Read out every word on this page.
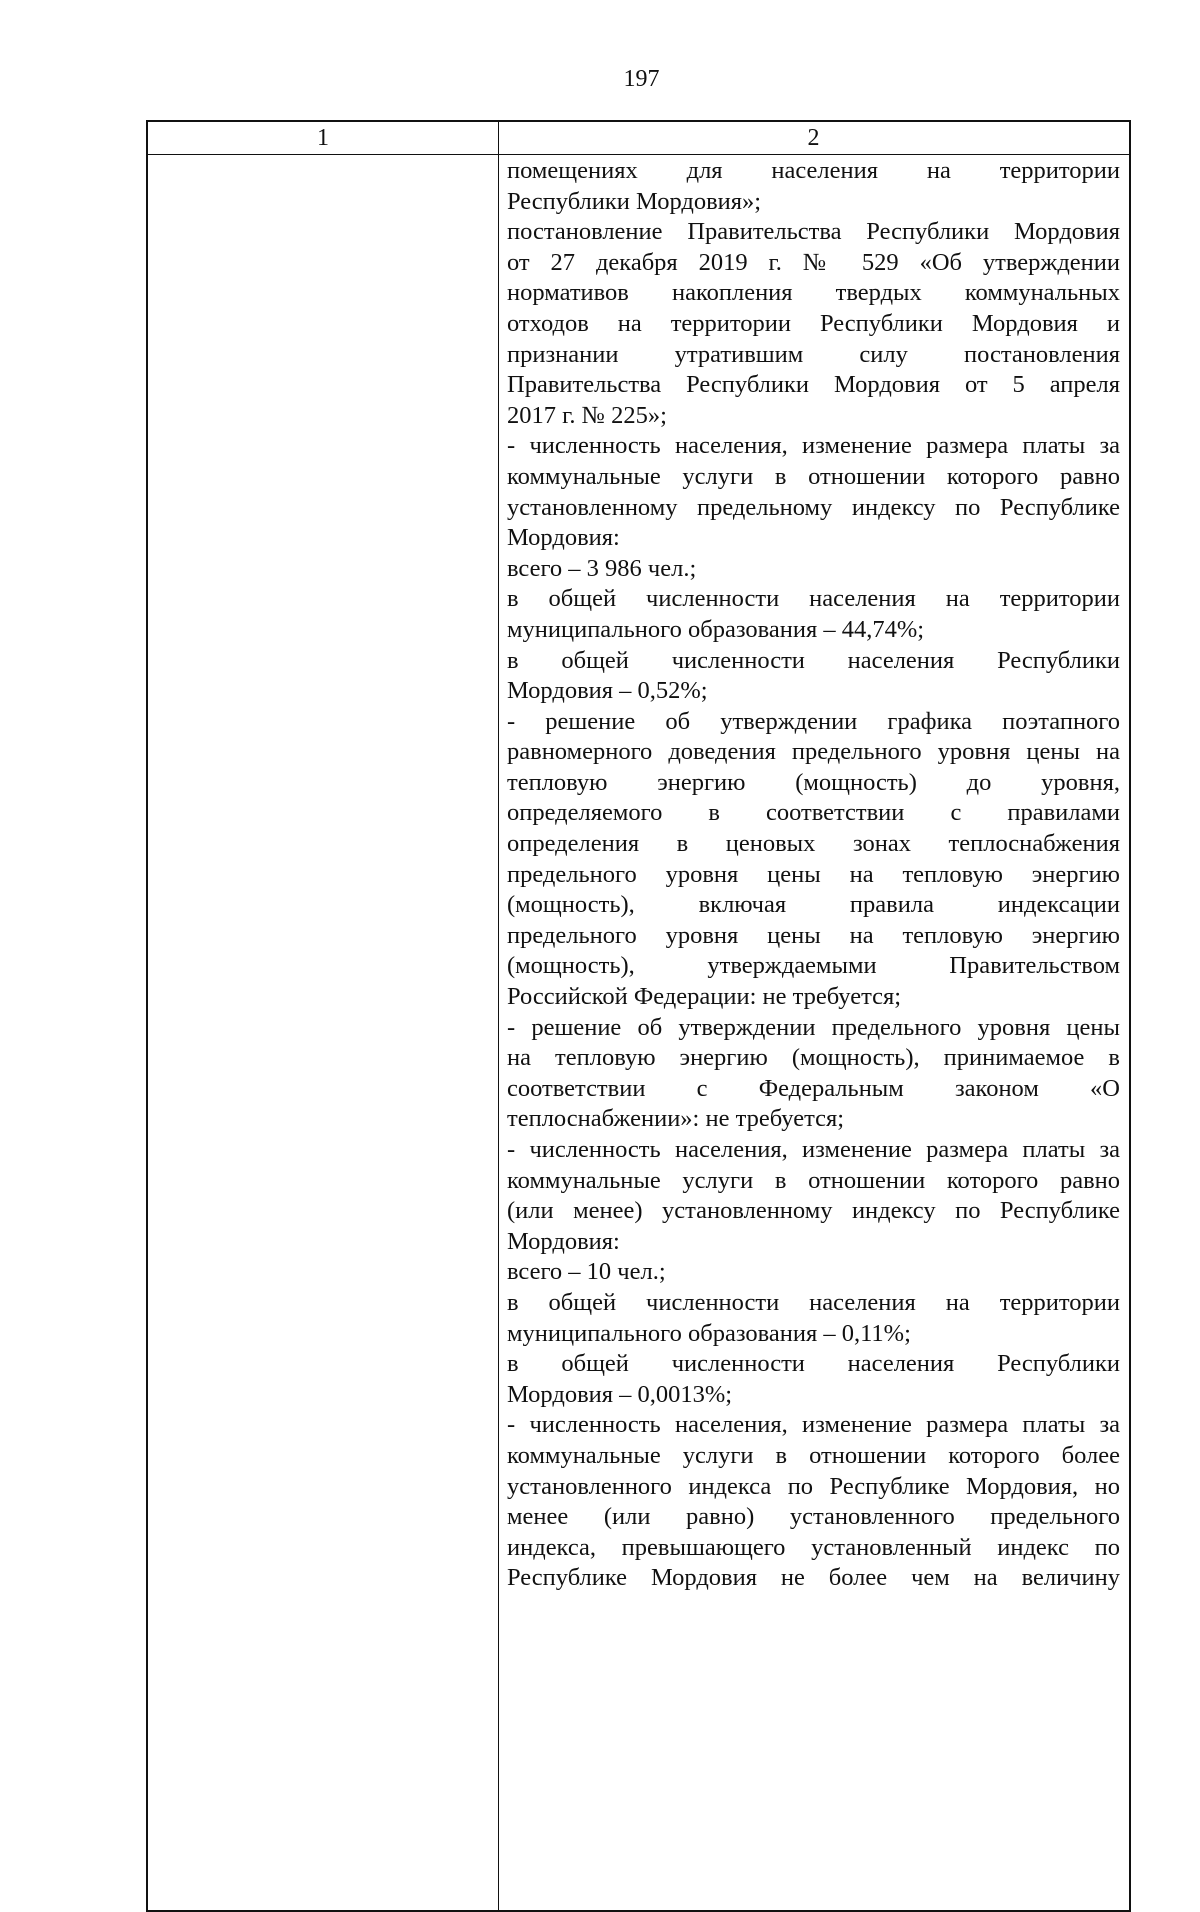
197
1	2
помещениях для населения на территории
Республики Мордовия»;
постановление Правительства Республики Мордовия
от 27 декабря 2019 г. № 529 «Об утверждении
нормативов накопления твердых коммунальных
отходов на территории Республики Мордовия и
признании утратившим силу постановления
Правительства Республики Мордовия от 5 апреля
2017 г. № 225»;
- численность населения, изменение размера платы за
коммунальные услуги в отношении которого равно
установленному предельному индексу по Республике
Мордовия:
всего – 3 986 чел.;
в общей численности населения на территории
муниципального образования – 44,74%;
в общей численности населения Республики
Мордовия – 0,52%;
- решение об утверждении графика поэтапного
равномерного доведения предельного уровня цены на
тепловую энергию (мощность) до уровня,
определяемого в соответствии с правилами
определения в ценовых зонах теплоснабжения
предельного уровня цены на тепловую энергию
(мощность), включая правила индексации
предельного уровня цены на тепловую энергию
(мощность), утверждаемыми Правительством
Российской Федерации: не требуется;
- решение об утверждении предельного уровня цены
на тепловую энергию (мощность), принимаемое в
соответствии с Федеральным законом «О
теплоснабжении»: не требуется;
- численность населения, изменение размера платы за
коммунальные услуги в отношении которого равно
(или менее) установленному индексу по Республике
Мордовия:
всего – 10 чел.;
в общей численности населения на территории
муниципального образования – 0,11%;
в общей численности населения Республики
Мордовия – 0,0013%;
- численность населения, изменение размера платы за
коммунальные услуги в отношении которого более
установленного индекса по Республике Мордовия, но
менее (или равно) установленного предельного
индекса, превышающего установленный индекс по
Республике Мордовия не более чем на величину
